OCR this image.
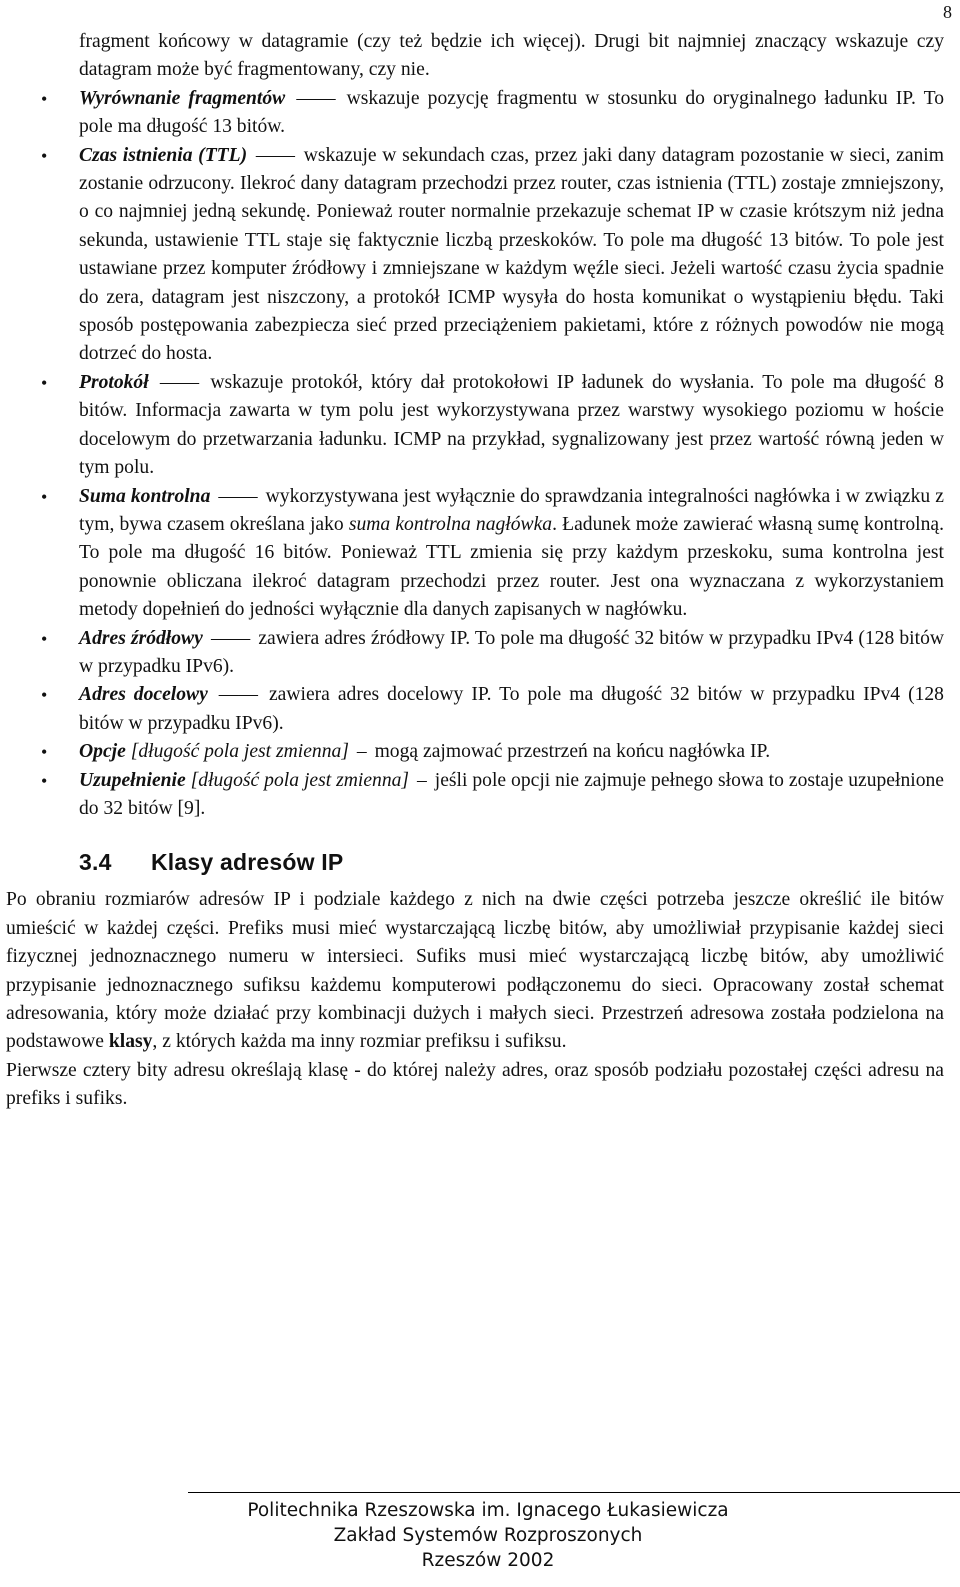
8
fragment końcowy w datagramie (czy też będzie ich więcej). Drugi bit najmniej znaczący wskazuje czy datagram może być fragmentowany, czy nie.
• Wyrównanie fragmentów —— wskazuje pozycję fragmentu w stosunku do oryginalnego ładunku IP. To pole ma długość 13 bitów.
• Czas istnienia (TTL) —— wskazuje w sekundach czas, przez jaki dany datagram pozostanie w sieci, zanim zostanie odrzucony. Ilekroć dany datagram przechodzi przez router, czas istnienia (TTL) zostaje zmniejszony, o co najmniej jedną sekundę. Ponieważ router normalnie przekazuje schemat IP w czasie krótszym niż jedna sekunda, ustawienie TTL staje się faktycznie liczbą przeskoków. To pole ma długość 13 bitów. To pole jest ustawiane przez komputer źródłowy i zmniejszane w każdym węźle sieci. Jeżeli wartość czasu życia spadnie do zera, datagram jest niszczony, a protokół ICMP wysyła do hosta komunikat o wystąpieniu błędu. Taki sposób postępowania zabezpiecza sieć przed przeciążeniem pakietami, które z różnych powodów nie mogą dotrzeć do hosta.
• Protokół —— wskazuje protokół, który dał protokołowi IP ładunek do wysłania. To pole ma długość 8 bitów. Informacja zawarta w tym polu jest wykorzystywana przez warstwy wysokiego poziomu w hoście docelowym do przetwarzania ładunku. ICMP na przykład, sygnalizowany jest przez wartość równą jeden w tym polu.
• Suma kontrolna —— wykorzystywana jest wyłącznie do sprawdzania integralności nagłówka i w związku z tym, bywa czasem określana jako suma kontrolna nagłówka. Ładunek może zawierać własną sumę kontrolną. To pole ma długość 16 bitów. Ponieważ TTL zmienia się przy każdym przeskoku, suma kontrolna jest ponownie obliczana ilekroć datagram przechodzi przez router. Jest ona wyznaczana z wykorzystaniem metody dopełnień do jedności wyłącznie dla danych zapisanych w nagłówku.
• Adres źródłowy —— zawiera adres źródłowy IP. To pole ma długość 32 bitów w przypadku IPv4 (128 bitów w przypadku IPv6).
• Adres docelowy —— zawiera adres docelowy IP. To pole ma długość 32 bitów w przypadku IPv4 (128 bitów w przypadku IPv6).
• Opcje [długość pola jest zmienna] – mogą zajmować przestrzeń na końcu nagłówka IP.
• Uzupełnienie [długość pola jest zmienna] – jeśli pole opcji nie zajmuje pełnego słowa to zostaje uzupełnione do 32 bitów [9].
3.4 Klasy adresów IP

Po obraniu rozmiarów adresów IP i podziale każdego z nich na dwie części potrzeba jeszcze określić ile bitów umieścić w każdej części. Prefiks musi mieć wystarczającą liczbę bitów, aby umożliwiał przypisanie każdej sieci fizycznej jednoznacznego numeru w intersieci. Sufiks musi mieć wystarczającą liczbę bitów, aby umożliwić przypisanie jednoznacznego sufiksu każdemu komputerowi podłączonemu do sieci. Opracowany został schemat adresowania, który może działać przy kombinacji dużych i małych sieci. Przestrzeń adresowa została podzielona na podstawowe klasy, z których każda ma inny rozmiar prefiksu i sufiksu.

Pierwsze cztery bity adresu określają klasę - do której należy adres, oraz sposób podziału pozostałej części adresu na prefiks i sufiks.

Politechnika Rzeszowska im. Ignacego Łukasiewicza
Zakład Systemów Rozproszonych
Rzeszów 2002
